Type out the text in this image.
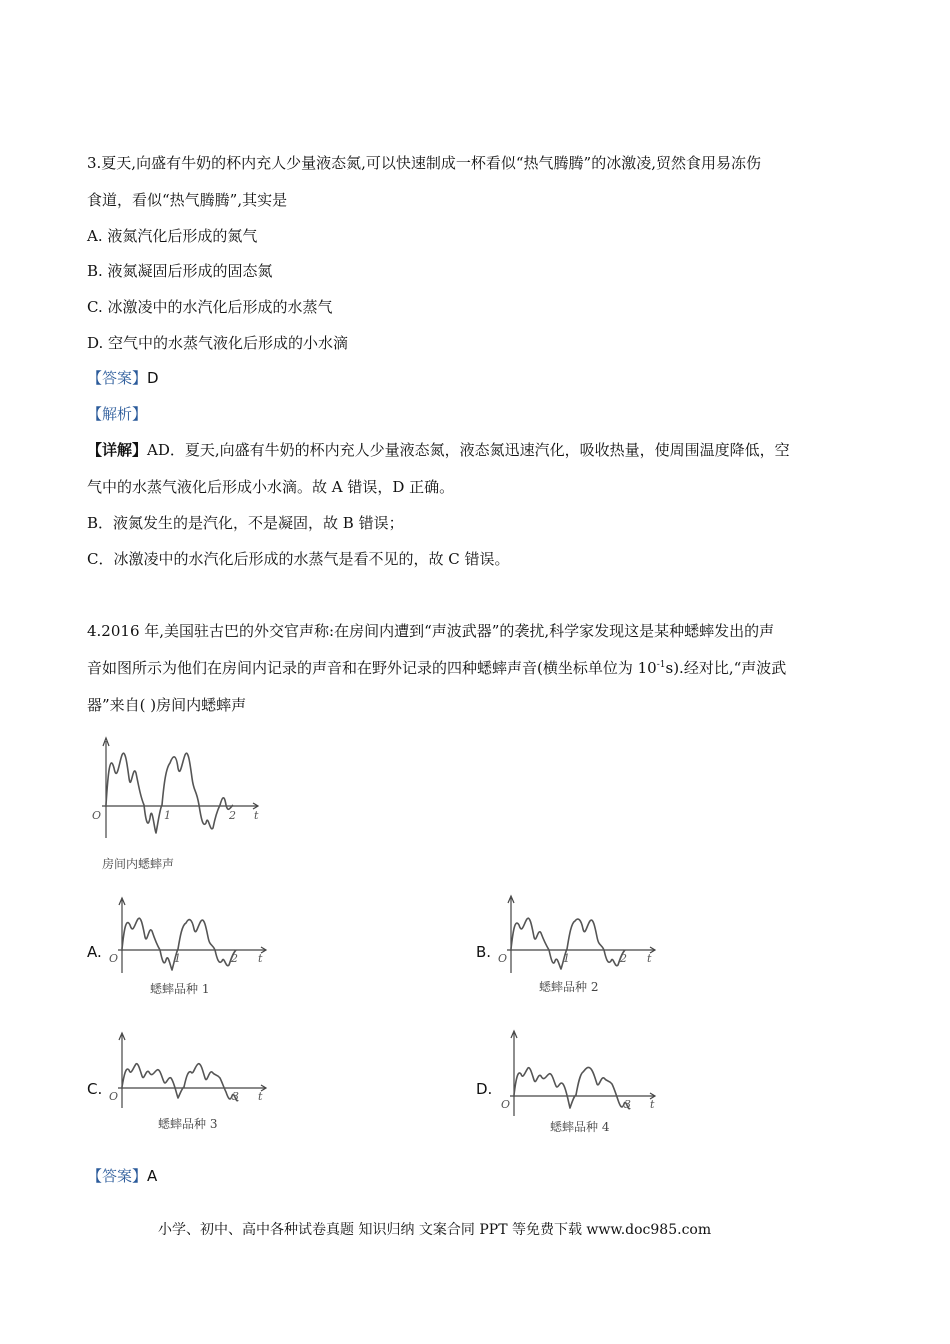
3.夏天,向盛有牛奶的杯内充人少量液态氮,可以快速制成一杯看似“热气腾腾”的冰激凌,贸然食用易冻伤

食道，看似“热气腾腾”,其实是

A. 液氮汽化后形成的氮气

B. 液氮凝固后形成的固态氮

C. 冰激凌中的水汽化后形成的水蒸气

D. 空气中的水蒸气液化后形成的小水滴

【答案】D

【解析】

【详解】AD．夏天,向盛有牛奶的杯内充人少量液态氮，液态氮迅速汽化，吸收热量，使周围温度降低，空

气中的水蒸气液化后形成小水滴。故 A 错误，D 正确。

B．液氮发生的是汽化，不是凝固，故 B 错误；

C．冰激凌中的水汽化后形成的水蒸气是看不见的，故 C 错误。

4.2016 年,美国驻古巴的外交官声称:在房间内遭到“声波武器”的袭扰,科学家发现这是某种蟋蟀发出的声

音如图所示为他们在房间内记录的声音和在野外记录的四种蟋蟀声音(横坐标单位为 $10^{-1}s$).经对比,“声波武

器”来自( )房间内蟋蟀声

O	1	2 t
房间内蟋蟀声
A. O	1	2 t
蟋蟀品种 1
B. O	1	2 t
蟋蟀品种 2
C. O	3 t
蟋蟀品种 3
D.
O	3 t
蟋蟀品种 4

【答案】A

小学、初中、高中各种试卷真题 知识归纳 文案合同 PPT 等免费下载 www.doc985.com
